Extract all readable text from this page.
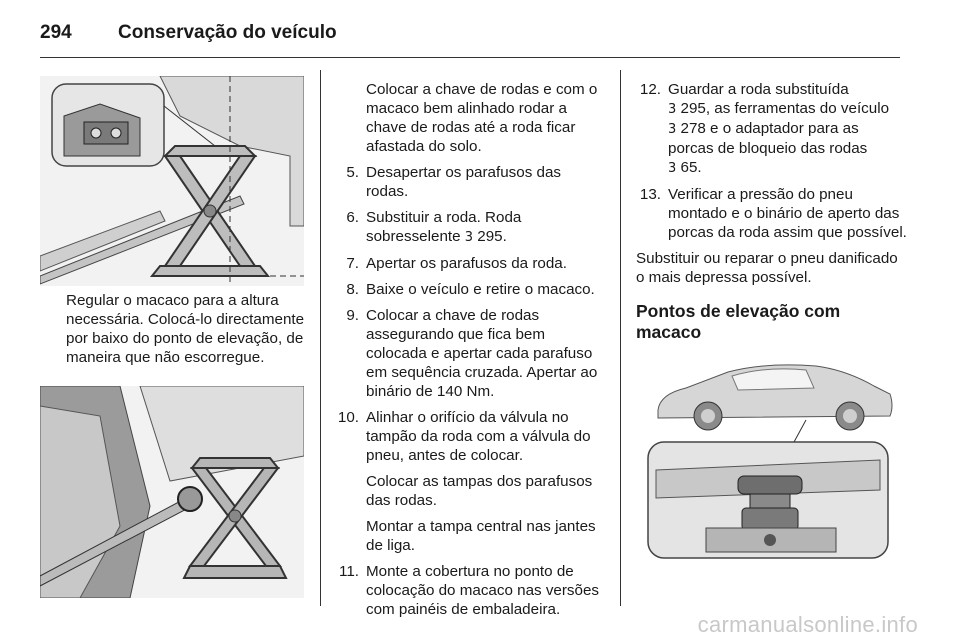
294 Conservação do veículo
Regular o macaco para a altura necessária. Colocá-lo directamente por baixo do ponto de elevação, de maneira que não escorregue.
Colocar a chave de rodas e com o macaco bem alinhado rodar a chave de rodas até a roda ficar afastada do solo.
5. Desapertar os parafusos das rodas.
6. Substituir a roda. Roda sobresselente 3 295.
7. Apertar os parafusos da roda.
8. Baixe o veículo e retire o macaco.
9. Colocar a chave de rodas assegurando que fica bem colocada e apertar cada parafuso em sequência cruzada. Apertar ao binário de 140 Nm.
10. Alinhar o orifício da válvula no tampão da roda com a válvula do pneu, antes de colocar.
Colocar as tampas dos parafusos das rodas.
Montar a tampa central nas jantes de liga.
11. Monte a cobertura no ponto de colocação do macaco nas versões com painéis de embaladeira.
12. Guardar a roda substituída
3 295, as ferramentas do veículo
3 278 e o adaptador para as porcas de bloqueio das rodas
3 65.
13. Verificar a pressão do pneu montado e o binário de aperto das porcas da roda assim que possível.
Substituir ou reparar o pneu danificado o mais depressa possível.
Pontos de elevação com macaco
carmanualsonline.info
